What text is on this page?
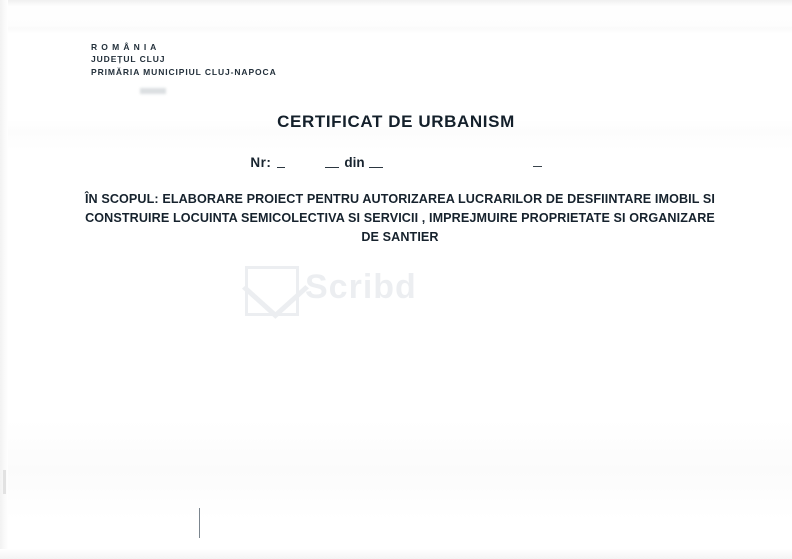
R O M Â N I A
JUDEȚUL CLUJ
PRIMĂRIA MUNICIPIUL CLUJ-NAPOCA
CERTIFICAT DE URBANISM
Nr:	din
ÎN SCOPUL: ELABORARE PROIECT PENTRU AUTORIZAREA LUCRARILOR DE DESFIINTARE IMOBIL SI
CONSTRUIRE LOCUINTA SEMICOLECTIVA SI SERVICII , IMPREJMUIRE PROPRIETATE SI ORGANIZARE
DE SANTIER
Scribd
